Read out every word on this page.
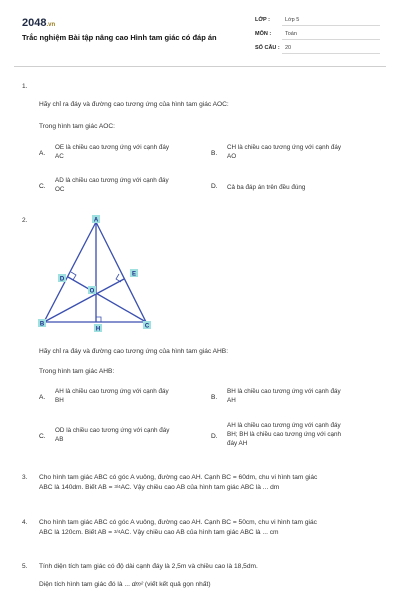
2048.vn
Trắc nghiệm Bài tập nâng cao Hình tam giác có đáp án
LỚP :	Lớp 5
MÔN :	Toán
SỐ CÂU : 20
1.
Hãy chỉ ra đáy và đường cao tương ứng của hình tam giác AOC:
Trong hình tam giác AOC:
A.
OE là chiều cao tương ứng với cạnh đáy
AC	B.
CH là chiều cao tương ứng với cạnh đáy
AO
C.
AD là chiều cao tương ứng với cạnh đáy
OC	D. Cả ba đáp án trên đều đúng
2.	A
D
E
O
B
H	C
Hãy chỉ ra đáy và đường cao tương ứng của hình tam giác AHB:
Trong hình tam giác AHB:
A.
AH là chiều cao tương ứng với cạnh đáy
BH	B.
BH là chiều cao tương ứng với cạnh đáy
AH
C.
OD là chiều cao tương ứng với cạnh đáy
AB	D.
AH là chiều cao tương ứng với cạnh đáy
BH; BH là chiều cao tương ứng với cạnh
đáy AH
3. Cho hình tam giác ABC có góc A vuông, đường cao AH. Cạnh BC = 60dm, chu vi hình tam giác
ABC là 140dm. Biết AB = 3/4AC. Vậy chiều cao AB của hình tam giác ABC là ... dm
4. Cho hình tam giác ABC có góc A vuông, đường cao AH. Cạnh BC = 50cm, chu vi hình tam giác
ABC là 120cm. Biết AB = 3/4AC. Vậy chiều cao AB của hình tam giác ABC là ... cm
5. Tính diện tích tam giác có độ dài cạnh đáy là 2,5m và chiều cao là 18,5dm.
Diện tích hình tam giác đó là ... dm² (viết kết quả gọn nhất)
